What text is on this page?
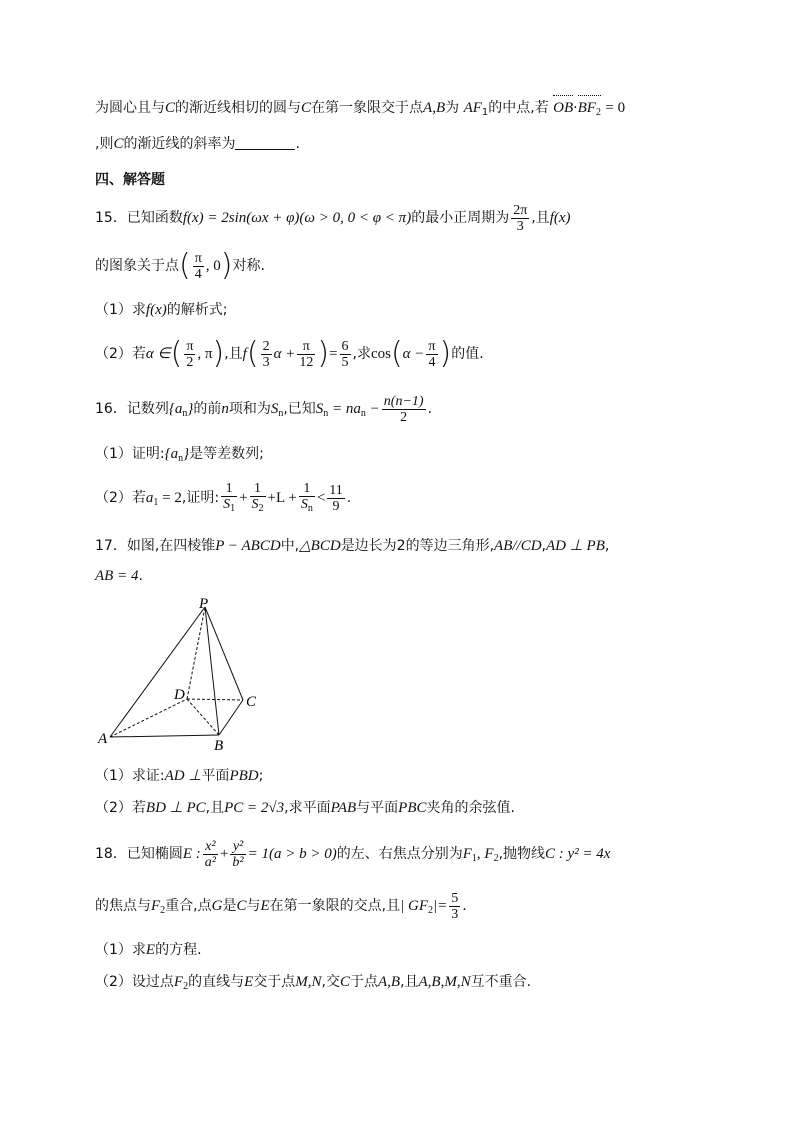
为圆心且与C的渐近线相切的圆与C在第一象限交于点A,B为 $AF_1$的中点,若 $OB\cdot BF_2 = 0$
,则C的渐近线的斜率为	.
四、解答题
15．已知函数f(x) = 2sin(ωx + φ)(ω > 0, 0 < φ < π)的最小正周期为 $\frac{2\pi}{3}$ ,且f(x)
的图象关于点( $\frac{\pi}{4}$ , 0)对称.
（1）求f(x)的解析式;
（2）若α ∈( $\frac{\pi}{2}$ , π),且$f( \frac{2}{3}$ $\alpha + \frac{\pi}{12}$ )= $\frac{6}{5}$ ,求$\cos(\alpha - \frac{\pi}{4}$ )的值.
16．记数列$\{a_n\}$的前n项和为$S_n$,已知$S_n = na_n - \frac{n(n-1)}{2}$ .
（1）证明$:\{a_n\}$是等差数列;
（2）若$a_1 = 2$,证明: $\frac{1}{S_1} + \frac{1}{S_2} +L + \frac{1}{S_n} < \frac{11}{9}$ .
17．如图,在四棱锥P − ABCD中,△BCD是边长为2的等边三角形,AB//CD,AD ⊥ PB,
AB = 4.
P
A	B
C
D
（1）求证:AD ⊥平面PBD;
（2）若BD ⊥ PC,且PC = 2√3,求平面PAB与平面PBC夹角的余弦值.
18．已知椭圆E : $\frac{\text{x²}}{\text{a²}} + \frac{\text{y²}}{\text{b²}} = 1(a > b > 0)$的左、右焦点分别为$F_1$, $F_2$,抛物线C : y² = 4x
的焦点与$F_2$重合,点G是C与E在第一象限的交点,且| $GF_2|= \frac{5}{3}$ .
（1）求E的方程.
（2）设过点$F_2$的直线与E交于点M,N,交C于点A,B,且A,B,M,N互不重合.
